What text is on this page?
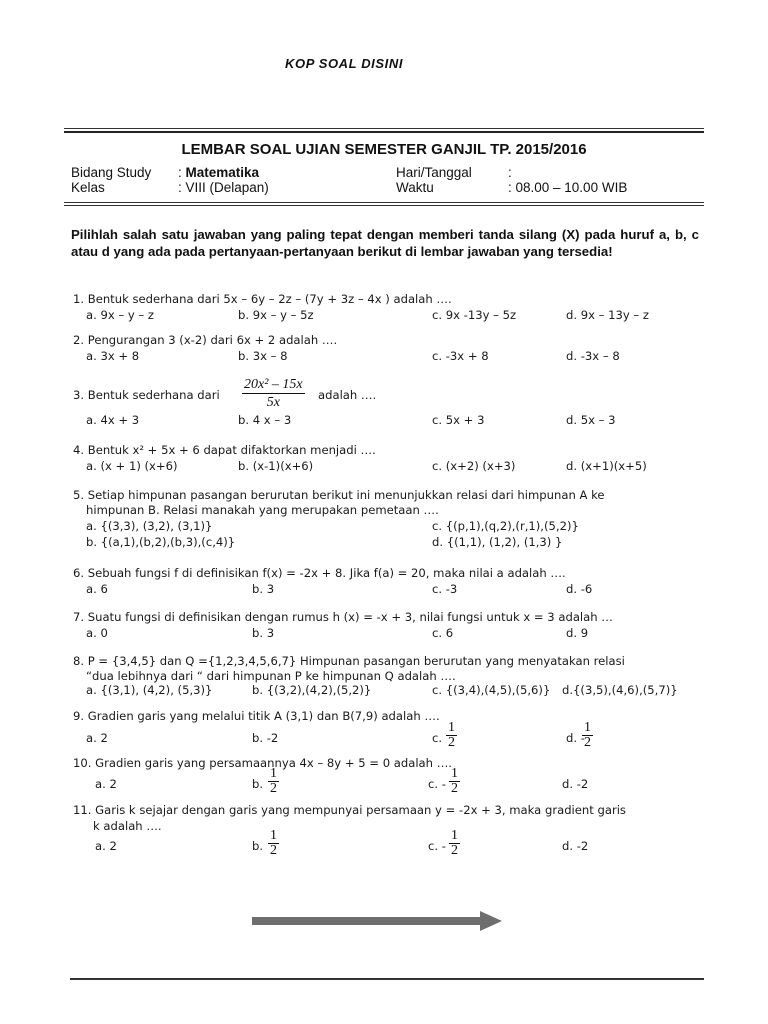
KOP SOAL DISINI
LEMBAR SOAL UJIAN SEMESTER GANJIL TP. 2015/2016
Bidang Study : Matematika
Kelas	: VIII (Delapan)
Hari/Tanggal	:
Waktu	: 08.00 – 10.00 WIB
Pilihlah salah satu jawaban yang paling tepat dengan memberi tanda silang (X) pada huruf a, b, c atau d yang ada pada pertanyaan-pertanyaan berikut di lembar jawaban yang tersedia!
1. Bentuk sederhana dari 5x – 6y – 2z – (7y + 3z – 4x ) adalah ….
a. 9x – y – z	b. 9x – y – 5z	c. 9x -13y – 5z	d. 9x – 13y – z
2. Pengurangan 3 (x-2) dari 6x + 2 adalah ….
a. 3x + 8	b. 3x – 8	c. -3x + 8	d. -3x – 8
3. Bentuk sederhana dari $\frac{\text{20x² – 15x}}{5x}$ adalah ….
a. 4x + 3	b. 4 x – 3	c. 5x + 3	d. 5x – 3
4. Bentuk x² + 5x + 6 dapat difaktorkan menjadi ….
a. (x + 1) (x+6)	b. (x-1)(x+6)	c. (x+2) (x+3)	d. (x+1)(x+5)
5. Setiap himpunan pasangan berurutan berikut ini menunjukkan relasi dari himpunan A ke
himpunan B. Relasi manakah yang merupakan pemetaan ….
a. {(3,3), (3,2), (3,1)}	c. {(p,1),(q,2),(r,1),(5,2)}
b. {(a,1),(b,2),(b,3),(c,4)}	d. {(1,1), (1,2), (1,3) }
6. Sebuah fungsi f di definisikan f(x) = -2x + 8. Jika f(a) = 20, maka nilai a adalah ….
a. 6	b. 3	c. -3	d. -6
7. Suatu fungsi di definisikan dengan rumus h (x) = -x + 3, nilai fungsi untuk x = 3 adalah …
a. 0	b. 3	c. 6	d. 9
8. P = {3,4,5} dan Q ={1,2,3,4,5,6,7} Himpunan pasangan berurutan yang menyatakan relasi
“dua lebihnya dari “ dari himpunan P ke himpunan Q adalah ….
a. {(3,1), (4,2), (5,3)}	b. {(3,2),(4,2),(5,2)}	c. {(3,4),(4,5),(5,6)} d.{(3,5),(4,6),(5,7)}
9. Gradien garis yang melalui titik A (3,1) dan B(7,9) adalah ….
a. 2	b. -2	c. $\frac{1}{2}$	d. -
$\frac{1}{2}$
10. Gradien garis yang persamaannya 4x – 8y + 5 = 0 adalah ….
a. 2	b. $\frac{1}{2}$	c. - $\frac{1}{2}$	d. -2
11. Garis k sejajar dengan garis yang mempunyai persamaan y = -2x + 3, maka gradient garis
k adalah ….
a. 2	b. $\frac{1}{2}$	c. - $\frac{1}{2}$	d. -2
